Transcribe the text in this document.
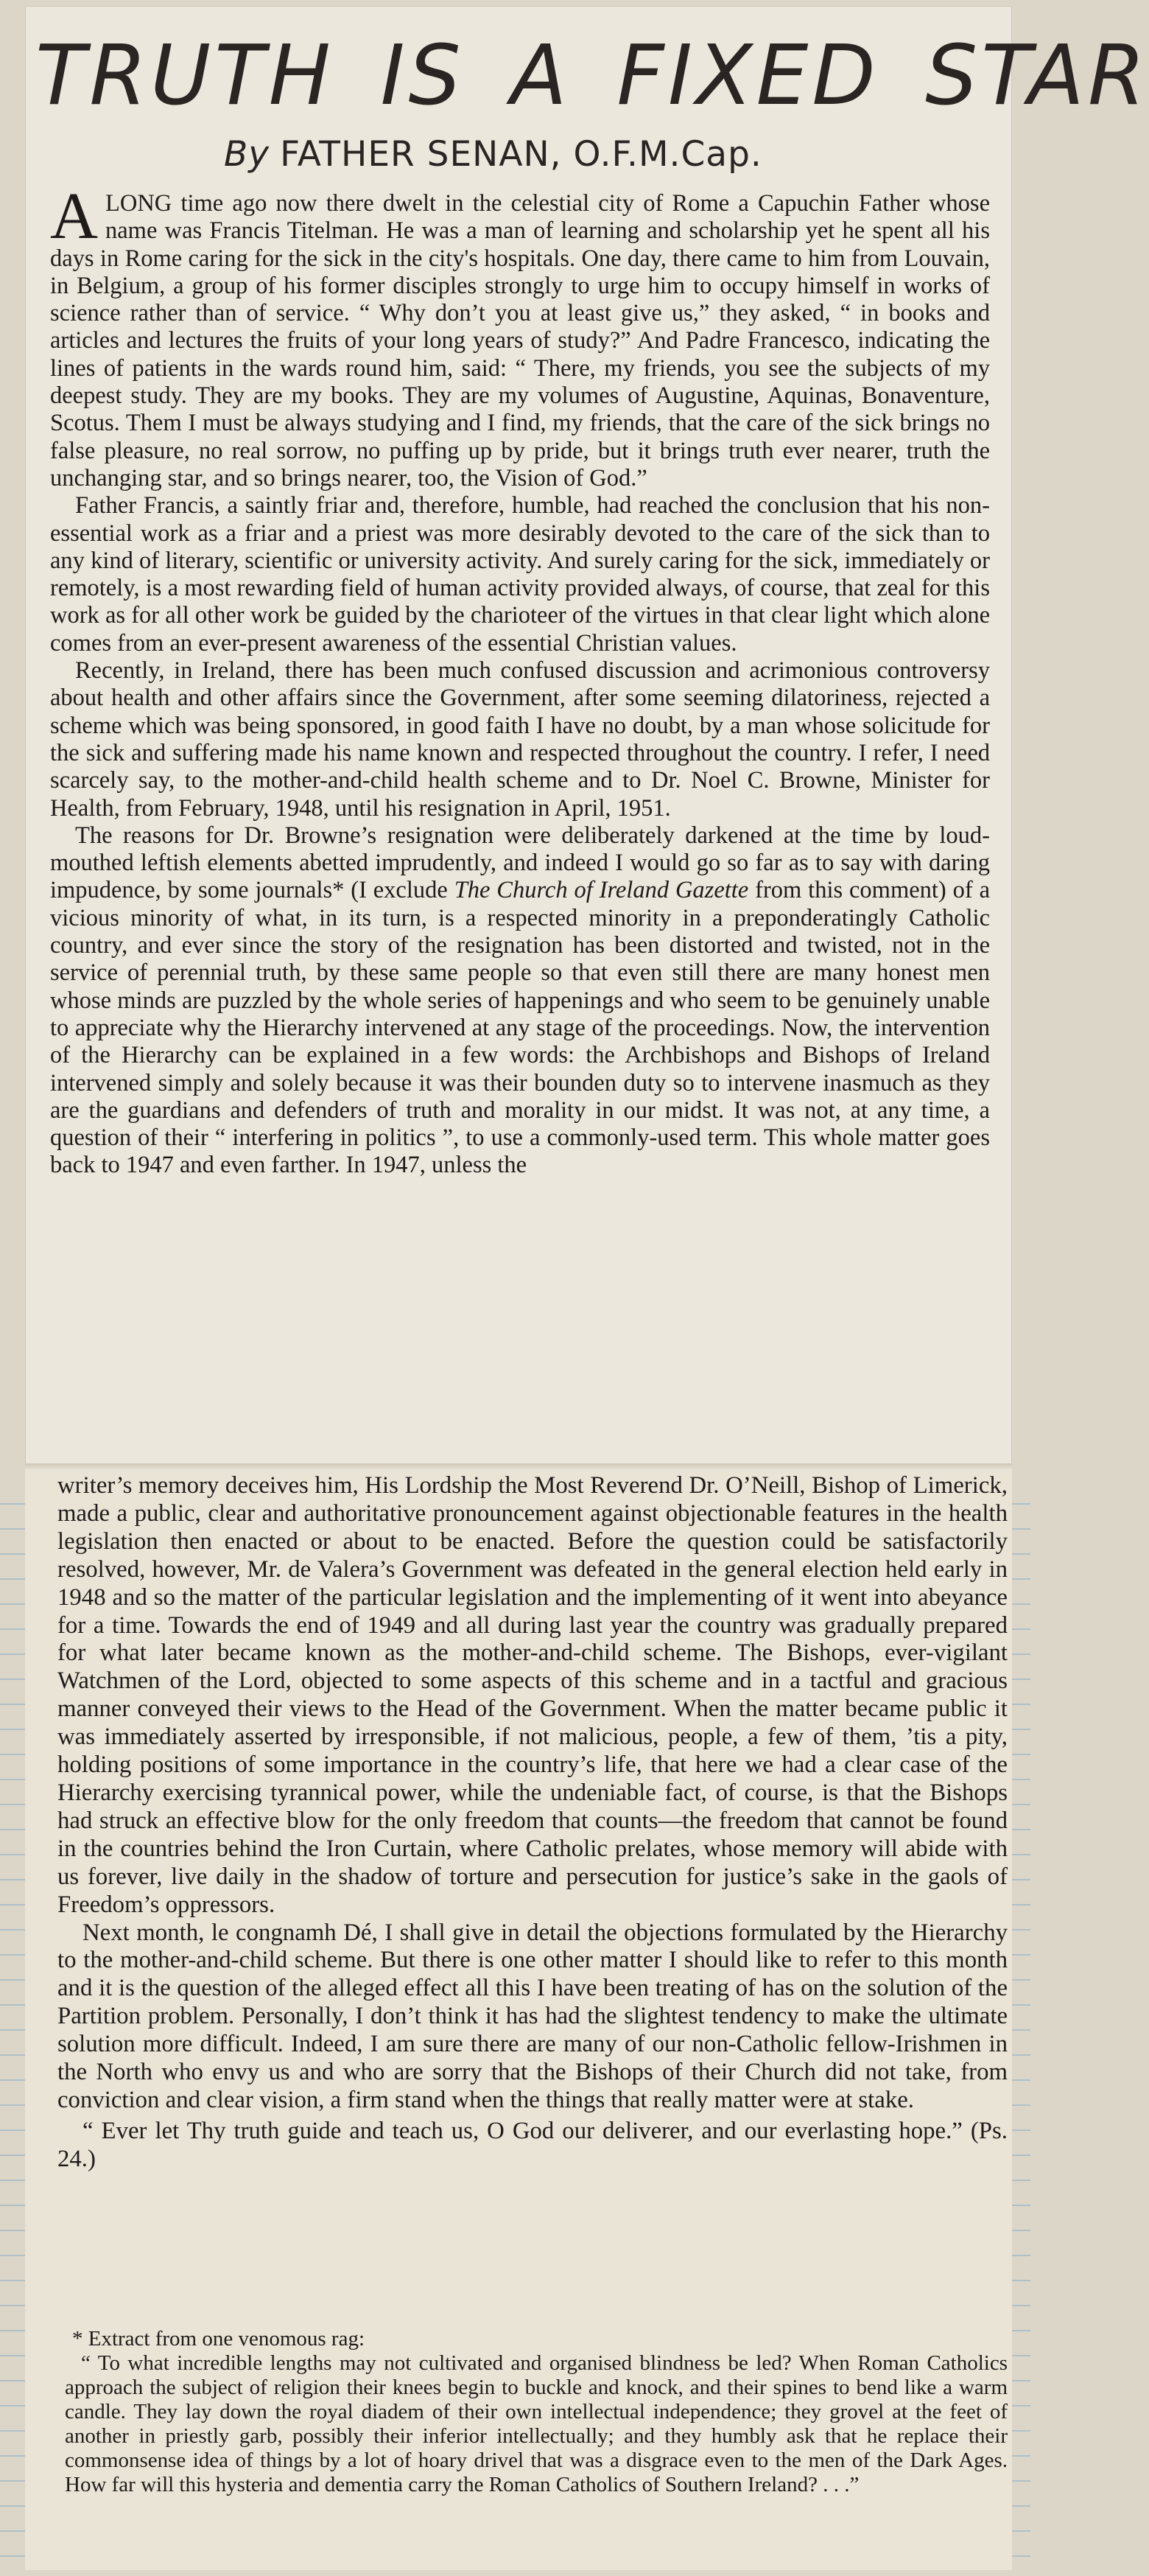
TRUTH IS A FIXED STAR
By FATHER SENAN, O.F.M.Cap.

ALONG time ago now there dwelt in the celestial city of Rome a Capuchin Father whose name was Francis Titelman. He was a man of learning and scholarship yet he spent all his days in Rome caring for the sick in the city's hospitals. One day, there came to him from Louvain, in Belgium, a group of his former disciples strongly to urge him to occupy himself in works of science rather than of service. “ Why don’t you at least give us,” they asked, “ in books and articles and lectures the fruits of your long years of study?” And Padre Francesco, indicating the lines of patients in the wards round him, said: “ There, my friends, you see the subjects of my deepest study. They are my books. They are my volumes of Augustine, Aquinas, Bonaventure, Scotus. Them I must be always studying and I find, my friends, that the care of the sick brings no false pleasure, no real sorrow, no puffing up by pride, but it brings truth ever nearer, truth the unchanging star, and so brings nearer, too, the Vision of God.”

Father Francis, a saintly friar and, therefore, humble, had reached the conclusion that his non-essential work as a friar and a priest was more desirably devoted to the care of the sick than to any kind of literary, scientific or university activity. And surely caring for the sick, immediately or remotely, is a most rewarding field of human activity provided always, of course, that zeal for this work as for all other work be guided by the charioteer of the virtues in that clear light which alone comes from an ever-present awareness of the essential Christian values.

Recently, in Ireland, there has been much confused discussion and acrimonious controversy about health and other affairs since the Government, after some seeming dilatoriness, rejected a scheme which was being sponsored, in good faith I have no doubt, by a man whose solicitude for the sick and suffering made his name known and respected throughout the country. I refer, I need scarcely say, to the mother-and-child health scheme and to Dr. Noel C. Browne, Minister for Health, from February, 1948, until his resignation in April, 1951.

The reasons for Dr. Browne’s resignation were deliberately darkened at the time by loud-mouthed leftish elements abetted imprudently, and indeed I would go so far as to say with daring impudence, by some journals* (I exclude The Church of Ireland Gazette from this comment) of a vicious minority of what, in its turn, is a respected minority in a preponderatingly Catholic country, and ever since the story of the resignation has been distorted and twisted, not in the service of perennial truth, by these same people so that even still there are many honest men whose minds are puzzled by the whole series of happenings and who seem to be genuinely unable to appreciate why the Hierarchy intervened at any stage of the proceedings. Now, the intervention of the Hierarchy can be explained in a few words: the Archbishops and Bishops of Ireland intervened simply and solely because it was their bounden duty so to intervene inasmuch as they are the guardians and defenders of truth and morality in our midst. It was not, at any time, a question of their “ interfering in politics ”, to use a commonly-used term. This whole matter goes back to 1947 and even farther. In 1947, unless the

writer’s memory deceives him, His Lordship the Most Reverend Dr. O’Neill, Bishop of Limerick, made a public, clear and authoritative pronouncement against objectionable features in the health legislation then enacted or about to be enacted. Before the question could be satisfactorily resolved, however, Mr. de Valera’s Government was defeated in the general election held early in 1948 and so the matter of the particular legislation and the implementing of it went into abeyance for a time. Towards the end of 1949 and all during last year the country was gradually prepared for what later became known as the mother-and-child scheme. The Bishops, ever-vigilant Watchmen of the Lord, objected to some aspects of this scheme and in a tactful and gracious manner conveyed their views to the Head of the Government. When the matter became public it was immediately asserted by irresponsible, if not malicious, people, a few of them, ’tis a pity, holding positions of some importance in the country’s life, that here we had a clear case of the Hierarchy exercising tyrannical power, while the undeniable fact, of course, is that the Bishops had struck an effective blow for the only freedom that counts—the freedom that cannot be found in the countries behind the Iron Curtain, where Catholic prelates, whose memory will abide with us forever, live daily in the shadow of torture and persecution for justice’s sake in the gaols of Freedom’s oppressors.

Next month, le congnamh Dé, I shall give in detail the objections formulated by the Hierarchy to the mother-and-child scheme. But there is one other matter I should like to refer to this month and it is the question of the alleged effect all this I have been treating of has on the solution of the Partition problem. Personally, I don’t think it has had the slightest tendency to make the ultimate solution more difficult. Indeed, I am sure there are many of our non-Catholic fellow-Irishmen in the North who envy us and who are sorry that the Bishops of their Church did not take, from conviction and clear vision, a firm stand when the things that really matter were at stake.

“ Ever let Thy truth guide and teach us, O God our deliverer, and our everlasting hope.” (Ps. 24.)

* Extract from one venomous rag:

“ To what incredible lengths may not cultivated and organised blindness be led? When Roman Catholics approach the subject of religion their knees begin to buckle and knock, and their spines to bend like a warm candle. They lay down the royal diadem of their own intellectual independence; they grovel at the feet of another in priestly garb, possibly their inferior intellectually; and they humbly ask that he replace their commonsense idea of things by a lot of hoary drivel that was a disgrace even to the men of the Dark Ages. How far will this hysteria and dementia carry the Roman Catholics of Southern Ireland? . . .”
